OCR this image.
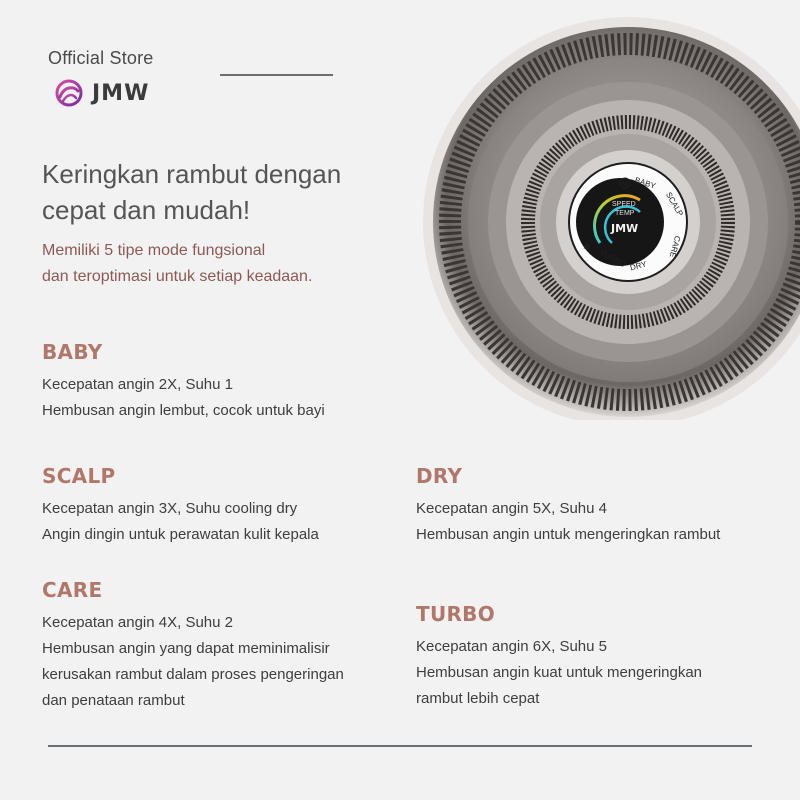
Official Store
JMW
Keringkan rambut dengan
cepat dan mudah!
Memiliki 5 tipe mode fungsional
dan teroptimasi untuk setiap keadaan.
SPEED
TEMP
JMW
M BABY
SCALP
CARE
DRY
TURBO
❄
BABY
Kecepatan angin 2X, Suhu 1
Hembusan angin lembut, cocok untuk bayi
SCALP
Kecepatan angin 3X, Suhu cooling dry
Angin dingin untuk perawatan kulit kepala
DRY
Kecepatan angin 5X, Suhu 4
Hembusan angin untuk mengeringkan rambut
CARE
Kecepatan angin 4X, Suhu 2
Hembusan angin yang dapat meminimalisir
kerusakan rambut dalam proses pengeringan
dan penataan rambut
TURBO
Kecepatan angin 6X, Suhu 5
Hembusan angin kuat untuk mengeringkan
rambut lebih cepat
